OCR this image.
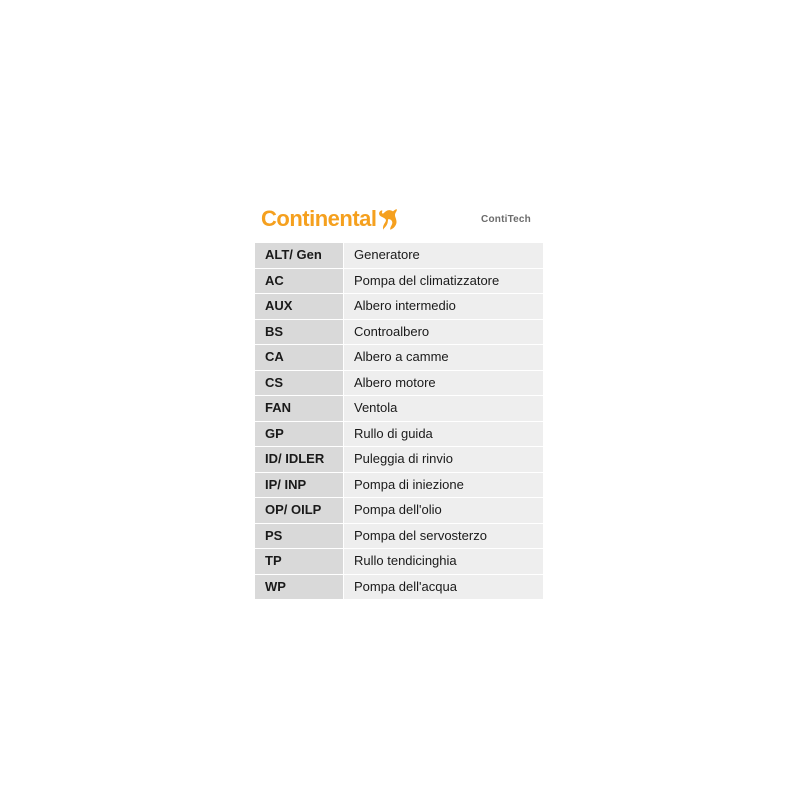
Continental	ContiTech
ALT/ Gen	Generatore
AC	Pompa del climatizzatore
AUX	Albero intermedio
BS	Controalbero
CA	Albero a camme
CS	Albero motore
FAN	Ventola
GP	Rullo di guida
ID/ IDLER	Puleggia di rinvio
IP/ INP	Pompa di iniezione
OP/ OILP	Pompa dell'olio
PS	Pompa del servosterzo
TP	Rullo tendicinghia
WP	Pompa dell'acqua
